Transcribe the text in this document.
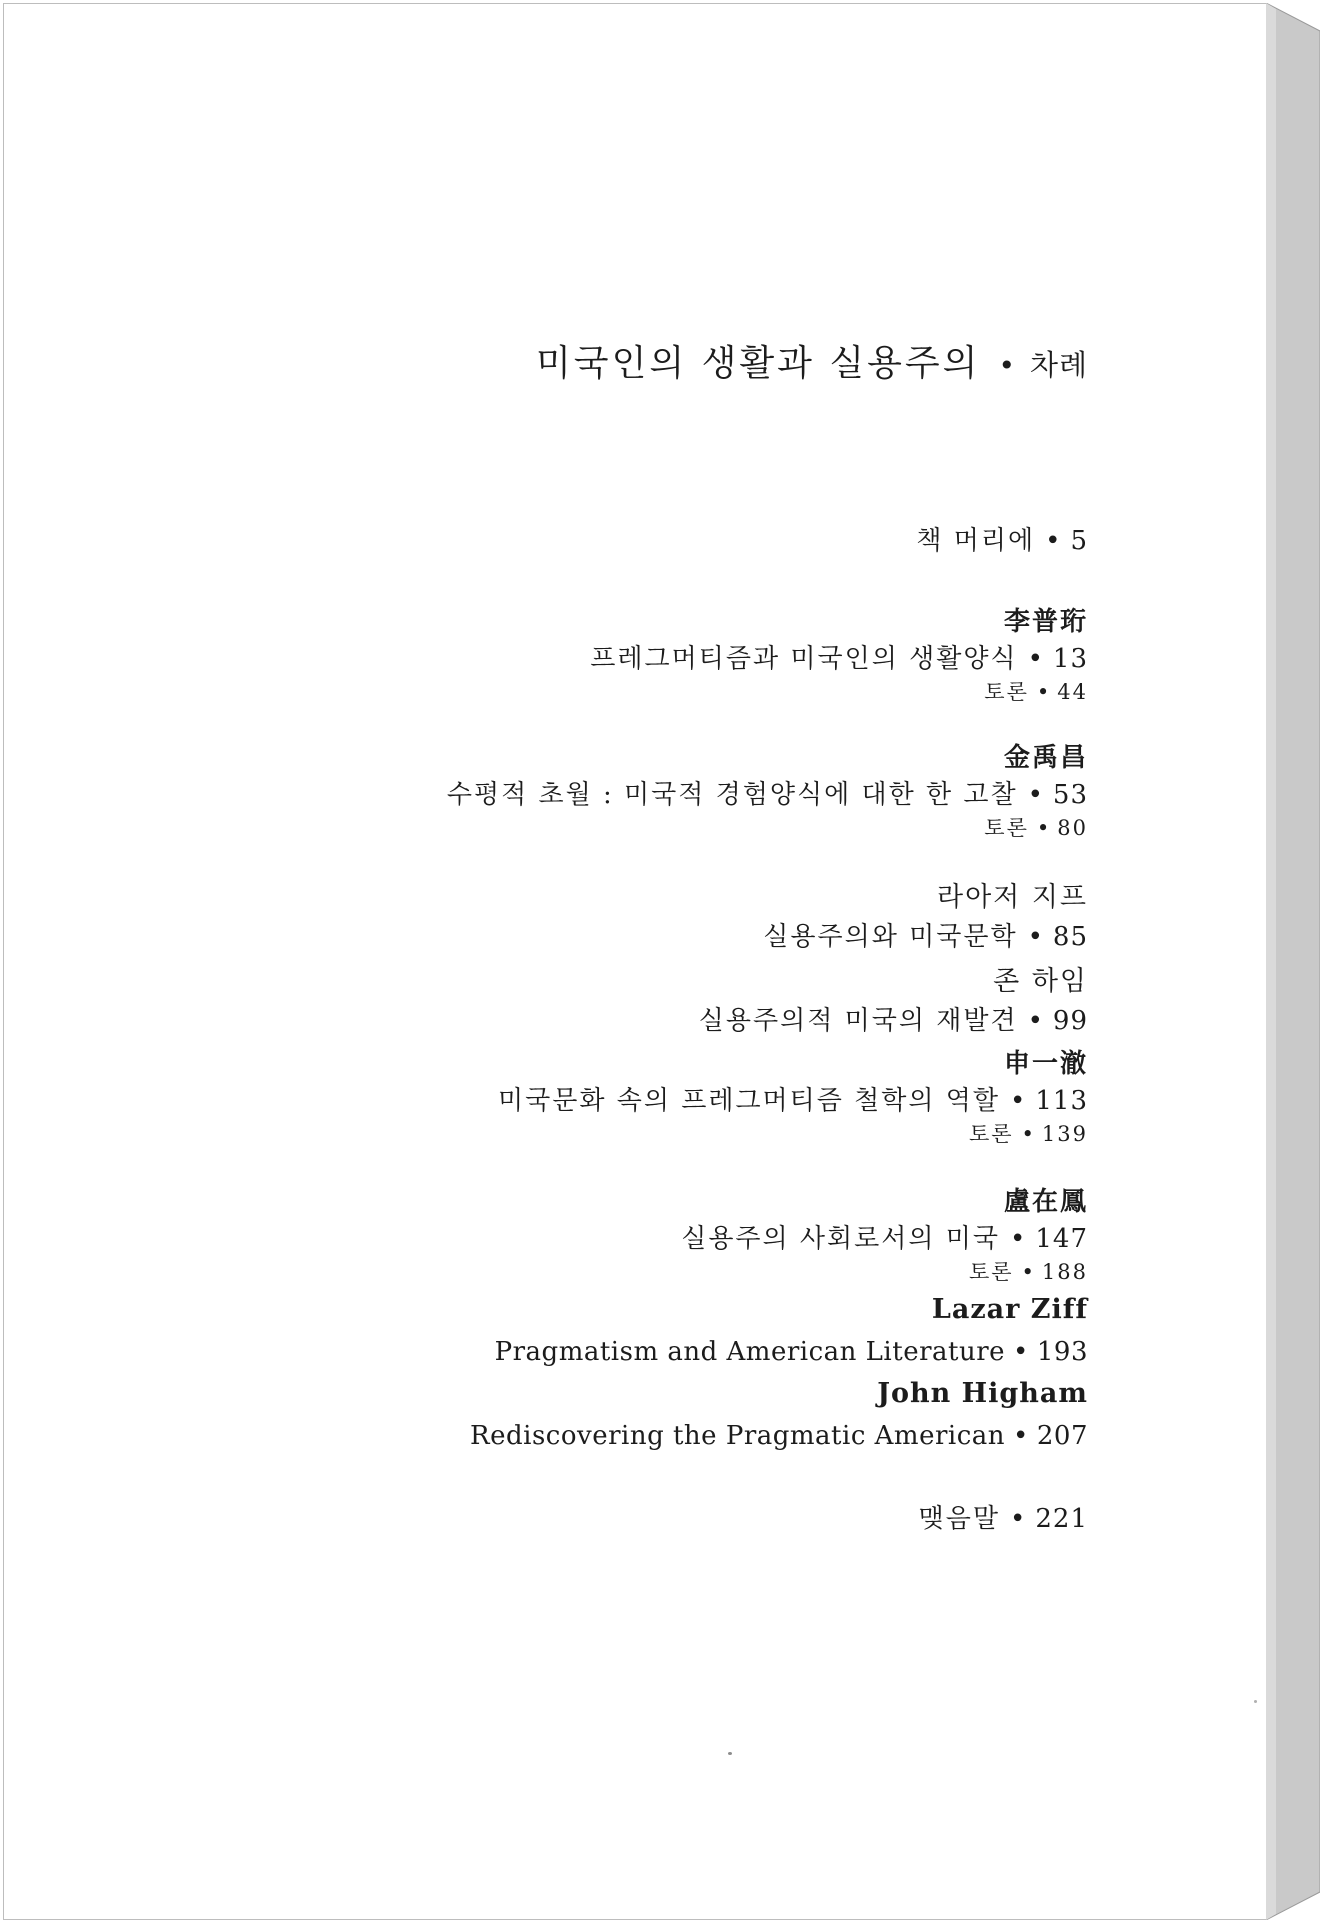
미국인의 생활과 실용주의 • 차례
책 머리에 • 5
李普珩
프레그머티즘과 미국인의 생활양식 • 13
토론 • 44
金禹昌
수평적 초월 : 미국적 경험양식에 대한 한 고찰 • 53
토론 • 80
라아저 지프
실용주의와 미국문학 • 85
존 하임
실용주의적 미국의 재발견 • 99
申一澈
미국문화 속의 프레그머티즘 철학의 역할 • 113
토론 • 139
盧在鳳
실용주의 사회로서의 미국 • 147
토론 • 188
Lazar Ziff
Pragmatism and American Literature • 193
John Higham
Rediscovering the Pragmatic American • 207
맺음말 • 221
